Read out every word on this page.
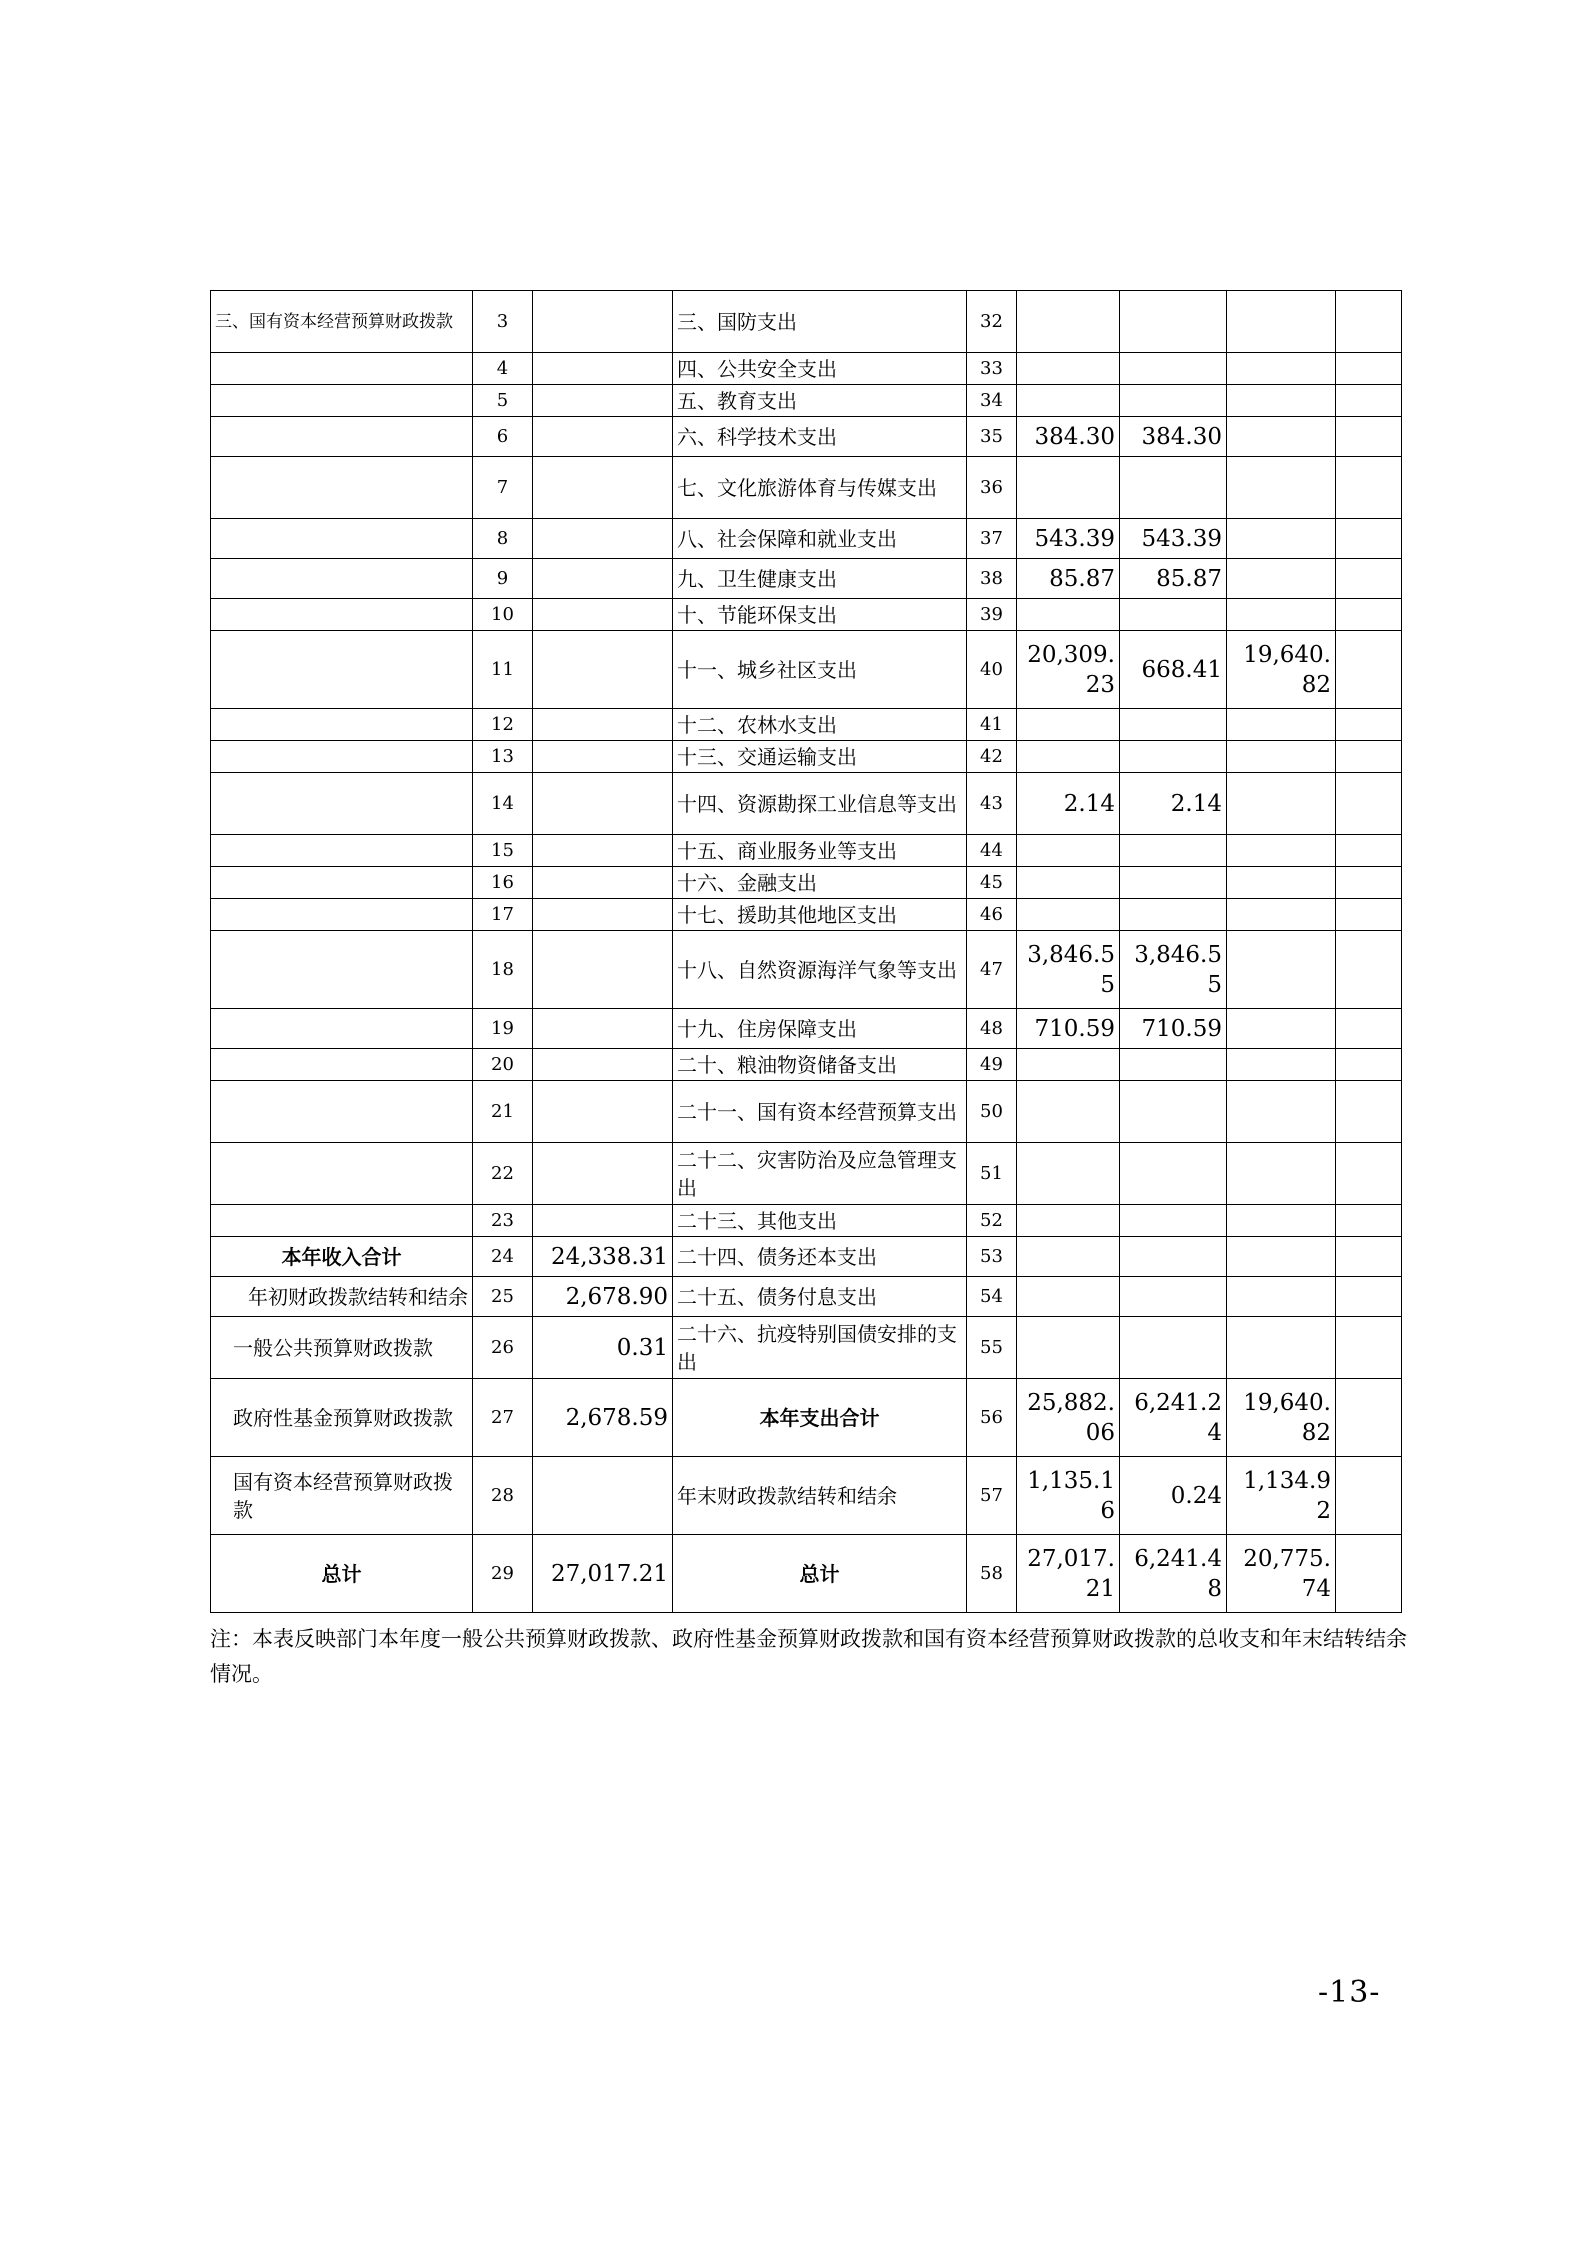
三、国有资本经营预算财政拨款	3		三、国防支出	32				
	4		四、公共安全支出	33				
	5		五、教育支出	34				
	6		六、科学技术支出	35	384.30	384.30		
	7		七、文化旅游体育与传媒支出	36				
	8		八、社会保障和就业支出	37	543.39	543.39		
	9		九、卫生健康支出	38	85.87	85.87		
	10		十、节能环保支出	39				
	11		十一、城乡社区支出	40	20,309.23	668.41	19,640.82	
	12		十二、农林水支出	41				
	13		十三、交通运输支出	42				
	14		十四、资源勘探工业信息等支出	43	2.14	2.14		
	15		十五、商业服务业等支出	44				
	16		十六、金融支出	45				
	17		十七、援助其他地区支出	46				
	18		十八、自然资源海洋气象等支出	47	3,846.55	3,846.55		
	19		十九、住房保障支出	48	710.59	710.59		
	20		二十、粮油物资储备支出	49				
	21		二十一、国有资本经营预算支出	50				
	22		二十二、灾害防治及应急管理支出	51				
	23		二十三、其他支出	52				
本年收入合计	24	24,338.31	二十四、债务还本支出	53				
年初财政拨款结转和结余	25	2,678.90	二十五、债务付息支出	54				
一般公共预算财政拨款	26	0.31	二十六、抗疫特别国债安排的支出	55				
政府性基金预算财政拨款	27	2,678.59	本年支出合计	56	25,882.06	6,241.24	19,640.82	
国有资本经营预算财政拨款	28		年末财政拨款结转和结余	57	1,135.16	0.24	1,134.92	
总计	29	27,017.21	总计	58	27,017.21	6,241.48	20,775.74	
注：本表反映部门本年度一般公共预算财政拨款、政府性基金预算财政拨款和国有资本经营预算财政拨款的总收支和年末结转结余情况。
-13-
